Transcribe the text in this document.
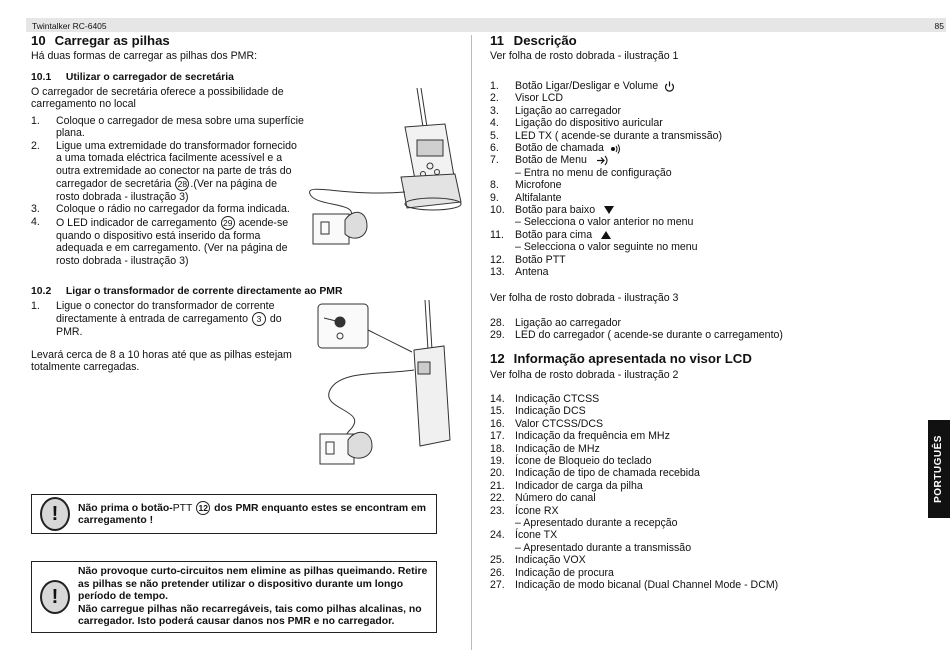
Twintalker RC-6405	85
10 Carregar as pilhas
Há duas formas de carregar as pilhas dos PMR:
10.1 Utilizar o carregador de secretária
O carregador de secretária oferece a possibilidade de
carregamento no local
1.	Coloque o carregador de mesa sobre uma superfície
plana.
2.	Ligue uma extremidade do transformador fornecido
a uma tomada eléctrica facilmente acessível e a
outra extremidade ao conector na parte de trás do
carregador de secretária 28 .(Ver na página de
rosto dobrada - ilustração 3)
3.	Coloque o rádio no carregador da forma indicada.
4.	O LED indicador de carregamento 29 acende-se
quando o dispositivo está inserido da forma
adequada e em carregamento. (Ver na página de
rosto dobrada - ilustração 3)
10.2 Ligar o transformador de corrente directamente ao PMR
1.	Ligue o conector do transformador de corrente
directamente à entrada de carregamento 3 do
PMR.
Levará cerca de 8 a 10 horas até que as pilhas estejam
totalmente carregadas.
!	Não prima o botão-PTT 12 dos PMR enquanto estes se encontram em
carregamento !
!
Não provoque curto-circuitos nem elimine as pilhas queimando. Retire
as pilhas se não pretender utilizar o dispositivo durante um longo
período de tempo.
Não carregue pilhas não recarregáveis, tais como pilhas alcalinas, no
carregador. Isto poderá causar danos nos PMR e no carregador.
11 Descrição
Ver folha de rosto dobrada - ilustração 1
1.	Botão Ligar/Desligar e Volume
2.	Visor LCD
3.	Ligação ao carregador
4.	Ligação do dispositivo auricular
5.	LED TX ( acende-se durante a transmissão)
6.	Botão de chamada
7.	Botão de Menu
– Entra no menu de configuração
8.	Microfone
9.	Altifalante
10. Botão para baixo
– Selecciona o valor anterior no menu
11.	Botão para cima
– Selecciona o valor seguinte no menu
12. Botão PTT
13. Antena
Ver folha de rosto dobrada - ilustração 3
28. Ligação ao carregador
29. LED do carregador ( acende-se durante o carregamento)
12 Informação apresentada no visor LCD
Ver folha de rosto dobrada - ilustração 2
14. Indicação CTCSS
15. Indicação DCS
16. Valor CTCSS/DCS
17. Indicação da frequência em MHz
18. Indicação de MHz
19. Ícone de Bloqueio do teclado
20. Indicação de tipo de chamada recebida
21. Indicador de carga da pilha
22. Número do canal
23. Ícone RX
– Apresentado durante a recepção
24. Ícone TX
– Apresentado durante a transmissão
25. Indicação VOX
26. Indicação de procura
27. Indicação de modo bicanal (Dual Channel Mode - DCM)
PORTUGUÊS
